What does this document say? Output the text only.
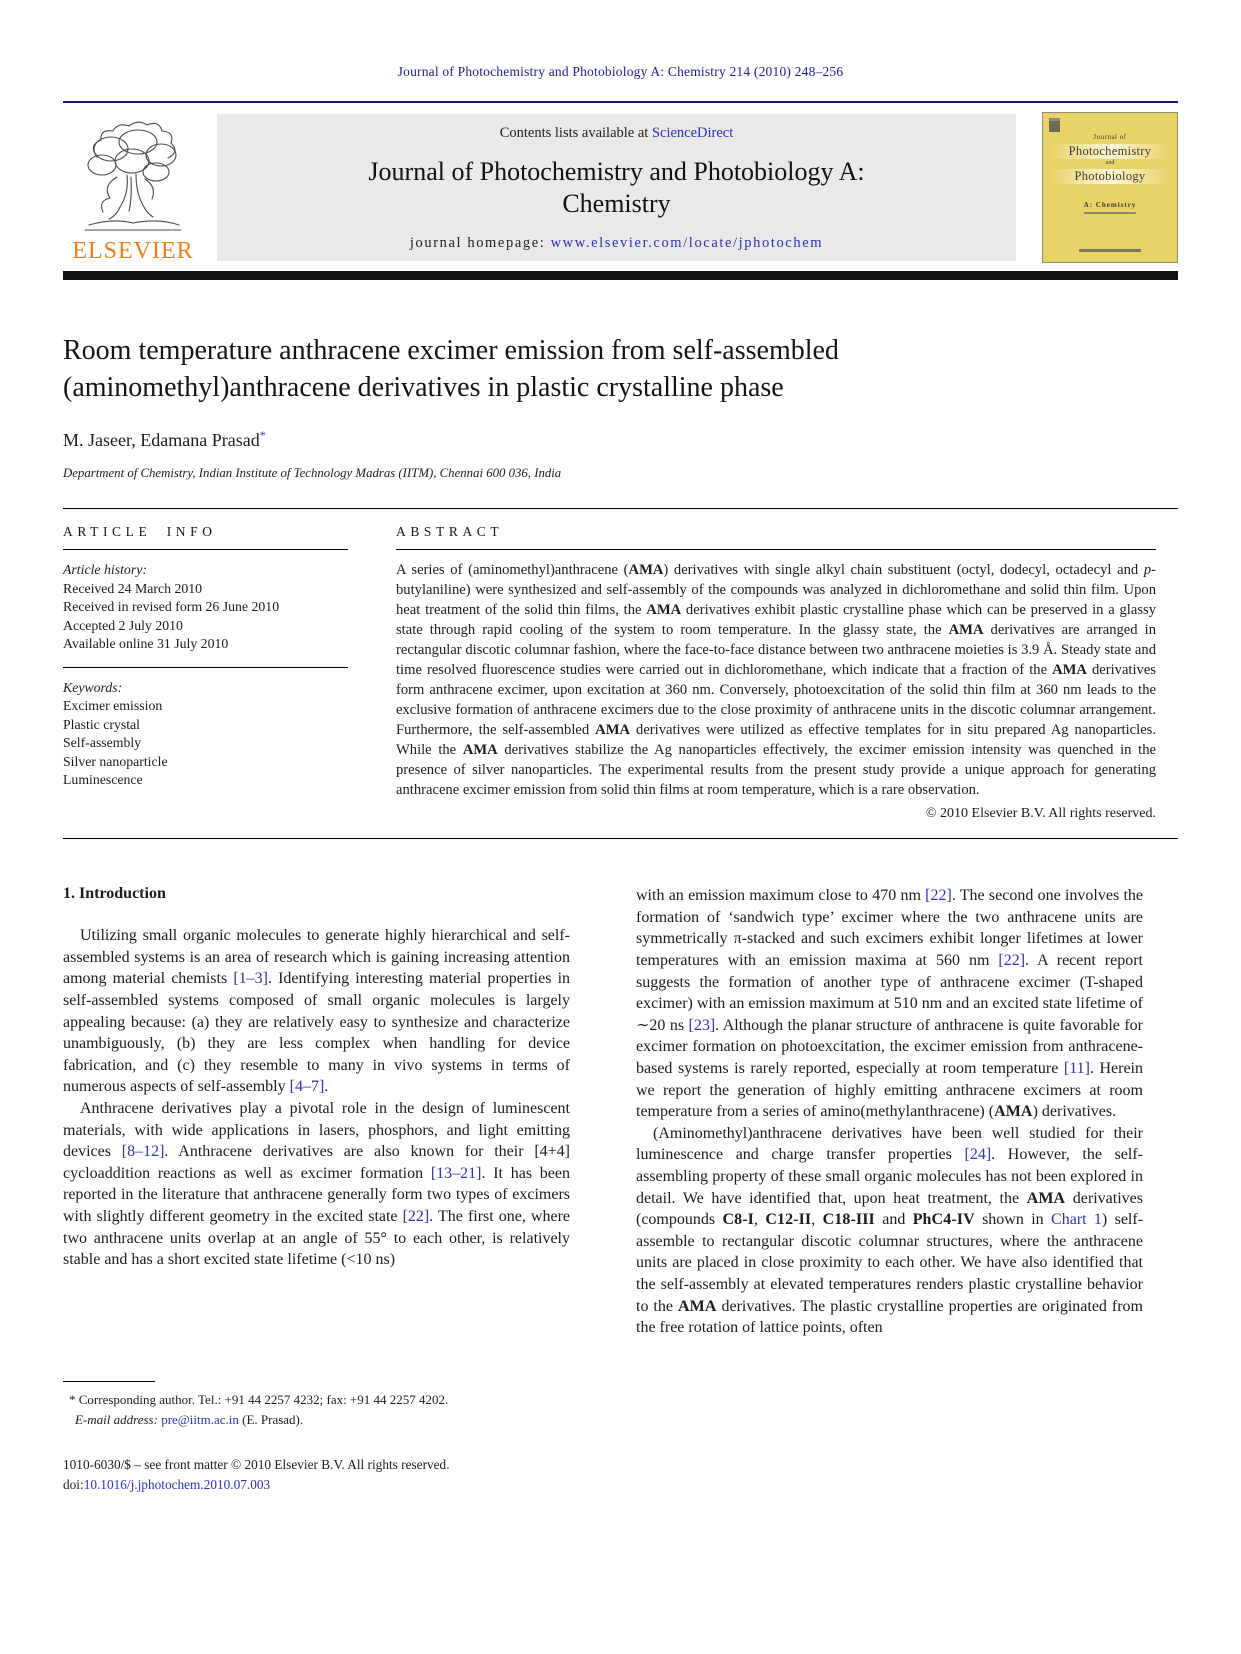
Journal of Photochemistry and Photobiology A: Chemistry 214 (2010) 248–256
ELSEVIER
Contents lists available at ScienceDirect
Journal of Photochemistry and Photobiology A:
Chemistry
journal homepage: www.elsevier.com/locate/jphotochem
Journal of
Photochemistry
and
Photobiology
A: Chemistry
Room temperature anthracene excimer emission from self-assembled (aminomethyl)anthracene derivatives in plastic crystalline phase
M. Jaseer, Edamana Prasad*
Department of Chemistry, Indian Institute of Technology Madras (IITM), Chennai 600 036, India
ARTICLE INFO
Article history:
Received 24 March 2010
Received in revised form 26 June 2010
Accepted 2 July 2010
Available online 31 July 2010
Keywords:
Excimer emission
Plastic crystal
Self-assembly
Silver nanoparticle
Luminescence
ABSTRACT
A series of (aminomethyl)anthracene (AMA) derivatives with single alkyl chain substituent (octyl, dodecyl, octadecyl and p-butylaniline) were synthesized and self-assembly of the compounds was analyzed in dichloromethane and solid thin film. Upon heat treatment of the solid thin films, the AMA derivatives exhibit plastic crystalline phase which can be preserved in a glassy state through rapid cooling of the system to room temperature. In the glassy state, the AMA derivatives are arranged in rectangular discotic columnar fashion, where the face-to-face distance between two anthracene moieties is 3.9 Å. Steady state and time resolved fluorescence studies were carried out in dichloromethane, which indicate that a fraction of the AMA derivatives form anthracene excimer, upon excitation at 360 nm. Conversely, photoexcitation of the solid thin film at 360 nm leads to the exclusive formation of anthracene excimers due to the close proximity of anthracene units in the discotic columnar arrangement. Furthermore, the self-assembled AMA derivatives were utilized as effective templates for in situ prepared Ag nanoparticles. While the AMA derivatives stabilize the Ag nanoparticles effectively, the excimer emission intensity was quenched in the presence of silver nanoparticles. The experimental results from the present study provide a unique approach for generating anthracene excimer emission from solid thin films at room temperature, which is a rare observation.
© 2010 Elsevier B.V. All rights reserved.
1. Introduction

Utilizing small organic molecules to generate highly hierarchical and self-assembled systems is an area of research which is gaining increasing attention among material chemists [1–3]. Identifying interesting material properties in self-assembled systems composed of small organic molecules is largely appealing because: (a) they are relatively easy to synthesize and characterize unambiguously, (b) they are less complex when handling for device fabrication, and (c) they resemble to many in vivo systems in terms of numerous aspects of self-assembly [4–7].

Anthracene derivatives play a pivotal role in the design of luminescent materials, with wide applications in lasers, phosphors, and light emitting devices [8–12]. Anthracene derivatives are also known for their [4+4] cycloaddition reactions as well as excimer formation [13–21]. It has been reported in the literature that anthracene generally form two types of excimers with slightly different geometry in the excited state [22]. The first one, where two anthracene units overlap at an angle of 55° to each other, is relatively stable and has a short excited state lifetime (<10 ns)

* Corresponding author. Tel.: +91 44 2257 4232; fax: +91 44 2257 4202.
E-mail address: pre@iitm.ac.in (E. Prasad).
1010-6030/$ – see front matter © 2010 Elsevier B.V. All rights reserved.
doi:10.1016/j.jphotochem.2010.07.003

with an emission maximum close to 470 nm [22]. The second one involves the formation of ‘sandwich type’ excimer where the two anthracene units are symmetrically π-stacked and such excimers exhibit longer lifetimes at lower temperatures with an emission maxima at 560 nm [22]. A recent report suggests the formation of another type of anthracene excimer (T-shaped excimer) with an emission maximum at 510 nm and an excited state lifetime of ∼20 ns [23]. Although the planar structure of anthracene is quite favorable for excimer formation on photoexcitation, the excimer emission from anthracene-based systems is rarely reported, especially at room temperature [11]. Herein we report the generation of highly emitting anthracene excimers at room temperature from a series of amino(methylanthracene) (AMA) derivatives.

(Aminomethyl)anthracene derivatives have been well studied for their luminescence and charge transfer properties [24]. However, the self-assembling property of these small organic molecules has not been explored in detail. We have identified that, upon heat treatment, the AMA derivatives (compounds C8-I, C12-II, C18-III and PhC4-IV shown in Chart 1) self-assemble to rectangular discotic columnar structures, where the anthracene units are placed in close proximity to each other. We have also identified that the self-assembly at elevated temperatures renders plastic crystalline behavior to the AMA derivatives. The plastic crystalline properties are originated from the free rotation of lattice points, often
